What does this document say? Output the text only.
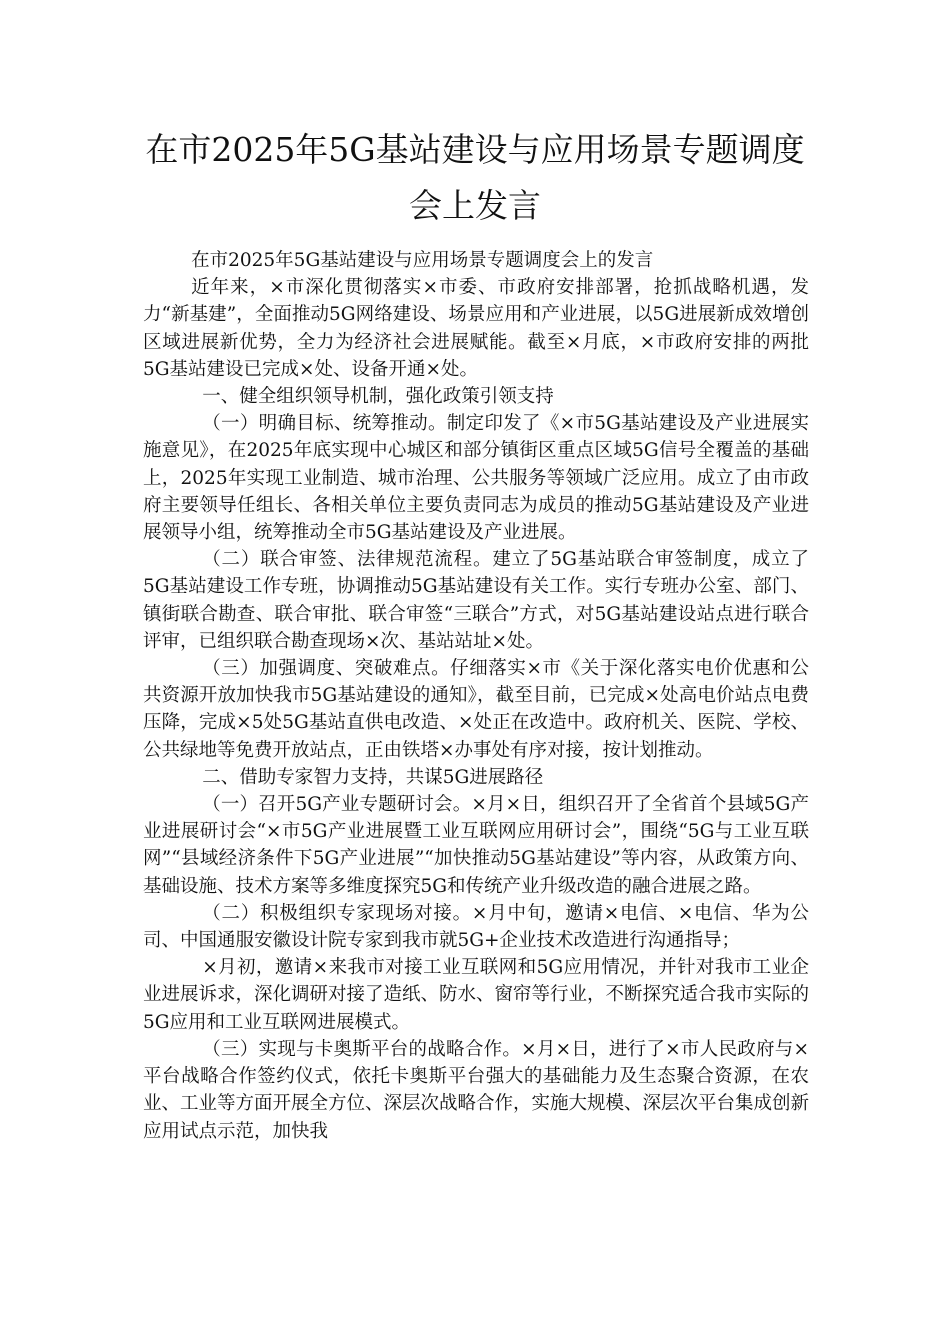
在市2025年5G基站建设与应用场景专题调度会上发言

在市2025年5G基站建设与应用场景专题调度会上的发言

近年来，×市深化贯彻落实×市委、市政府安排部署，抢抓战略机遇，发力“新基建”，全面推动5G网络建设、场景应用和产业进展，以5G进展新成效增创区域进展新优势，全力为经济社会进展赋能。截至×月底，×市政府安排的两批5G基站建设已完成×处、设备开通×处。

一、健全组织领导机制，强化政策引领支持

（一）明确目标、统筹推动。制定印发了《×市5G基站建设及产业进展实施意见》，在2025年底实现中心城区和部分镇街区重点区域5G信号全覆盖的基础上，2025年实现工业制造、城市治理、公共服务等领域广泛应用。成立了由市政府主要领导任组长、各相关单位主要负责同志为成员的推动5G基站建设及产业进展领导小组，统筹推动全市5G基站建设及产业进展。

（二）联合审签、法律规范流程。建立了5G基站联合审签制度，成立了5G基站建设工作专班，协调推动5G基站建设有关工作。实行专班办公室、部门、镇街联合勘查、联合审批、联合审签“三联合”方式，对5G基站建设站点进行联合评审，已组织联合勘查现场×次、基站站址×处。

（三）加强调度、突破难点。仔细落实×市《关于深化落实电价优惠和公共资源开放加快我市5G基站建设的通知》，截至目前，已完成×处高电价站点电费压降，完成×5处5G基站直供电改造、×处正在改造中。政府机关、医院、学校、公共绿地等免费开放站点，正由铁塔×办事处有序对接，按计划推动。

二、借助专家智力支持，共谋5G进展路径

（一）召开5G产业专题研讨会。×月×日，组织召开了全省首个县域5G产业进展研讨会“×市5G产业进展暨工业互联网应用研讨会”，围绕“5G与工业互联网”“县域经济条件下5G产业进展”“加快推动5G基站建设”等内容，从政策方向、基础设施、技术方案等多维度探究5G和传统产业升级改造的融合进展之路。

（二）积极组织专家现场对接。×月中旬，邀请×电信、×电信、华为公司、中国通服安徽设计院专家到我市就5G+企业技术改造进行沟通指导；

×月初，邀请×来我市对接工业互联网和5G应用情况，并针对我市工业企业进展诉求，深化调研对接了造纸、防水、窗帘等行业，不断探究适合我市实际的5G应用和工业互联网进展模式。

（三）实现与卡奥斯平台的战略合作。×月×日，进行了×市人民政府与×平台战略合作签约仪式，依托卡奥斯平台强大的基础能力及生态聚合资源，在农业、工业等方面开展全方位、深层次战略合作，实施大规模、深层次平台集成创新应用试点示范，加快我
